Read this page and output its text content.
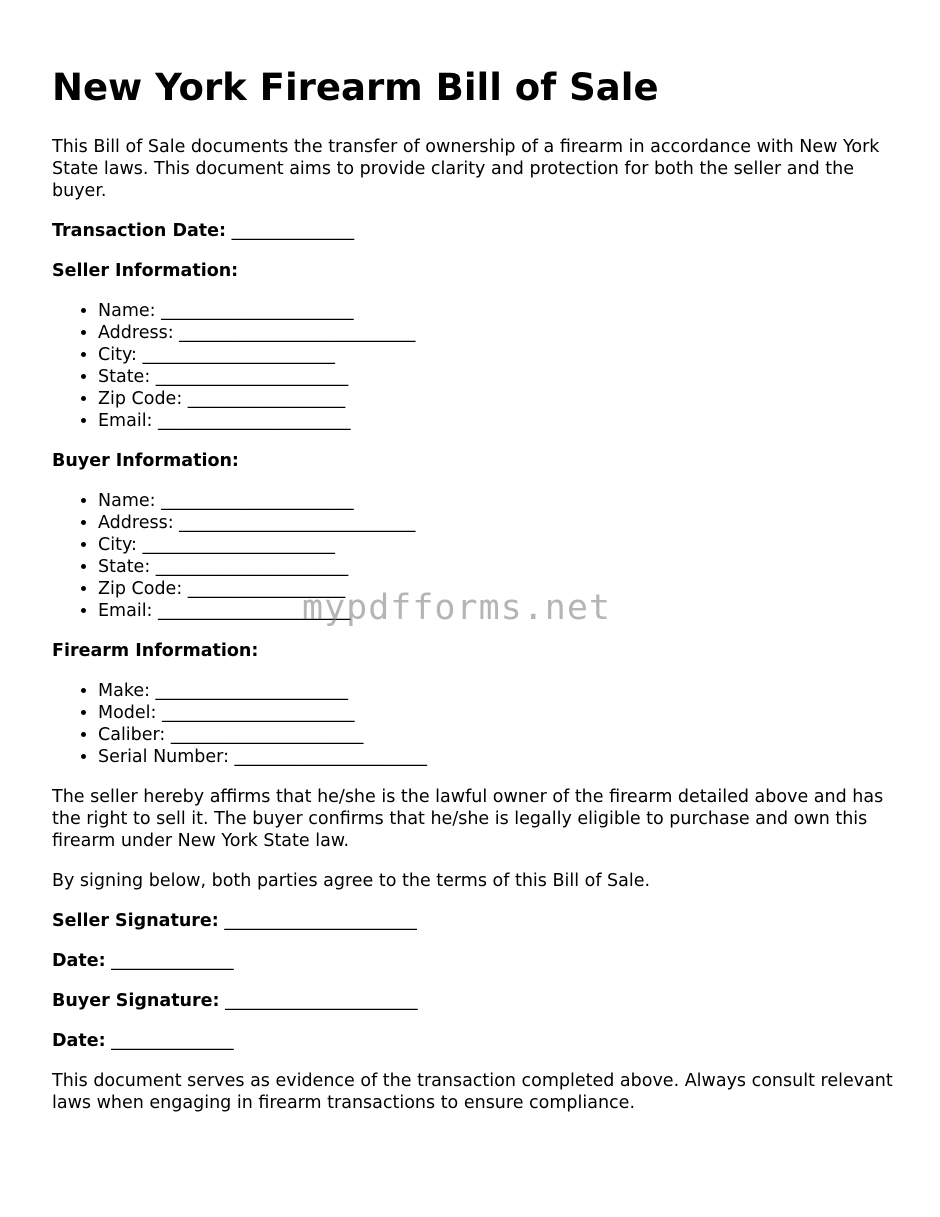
New York Firearm Bill of Sale

This Bill of Sale documents the transfer of ownership of a firearm in accordance with New York State laws. This document aims to provide clarity and protection for both the seller and the buyer.

Transaction Date: ______________

Seller Information:

• Name: ______________________
• Address: ___________________________
• City: ______________________
• State: ______________________
• Zip Code: __________________
• Email: ______________________

Buyer Information:

• Name: ______________________
• Address: ___________________________
• City: ______________________
• State: ______________________
• Zip Code: __________________
• Email: ______________________

Firearm Information:

• Make: ______________________
• Model: ______________________
• Caliber: ______________________
• Serial Number: ______________________

The seller hereby affirms that he/she is the lawful owner of the firearm detailed above and has the right to sell it. The buyer confirms that he/she is legally eligible to purchase and own this firearm under New York State law.

By signing below, both parties agree to the terms of this Bill of Sale.

Seller Signature: ______________________

Date: ______________

Buyer Signature: ______________________

Date: ______________

This document serves as evidence of the transaction completed above. Always consult relevant laws when engaging in firearm transactions to ensure compliance.

mypdfforms.net
